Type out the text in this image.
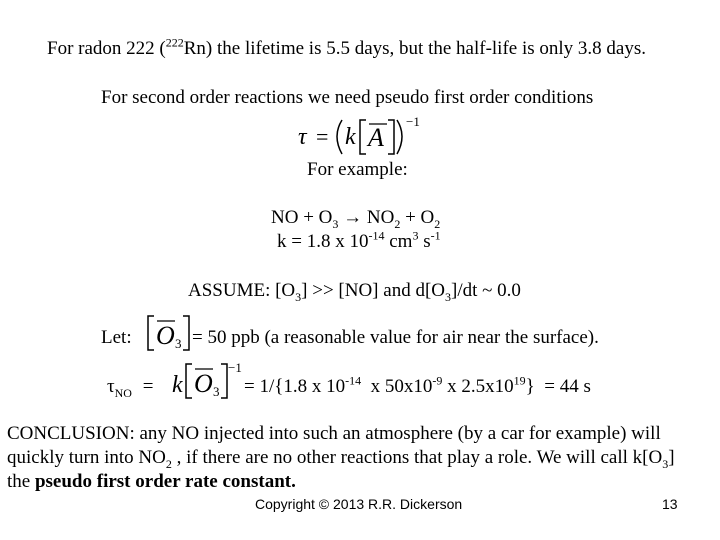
For radon 222 ($^{222}$Rn) the lifetime is 5.5 days, but the half-life is only 3.8 days.
For second order reactions we need pseudo first order conditions
τ = k A
−1
For example:
NO + $O_3 \to NO_2 + O_2$
k = 1.8 x $10^{-14}$ $cm^3$ $s^{-1}$
ASSUME: $[O_3] >> [NO]$ and $d[O_3]/dt$ ~ 0.0
Let: O 3 = 50 ppb (a reasonable value for air near the surface).
$\tau_{NO} = k$ O 3
−1
= 1/{1.8 x $10^{-14}$  x $50x10^{-9}$ x $2.5x10^{19}\} = 44$ s
CONCLUSION: any NO injected into such an atmosphere (by a car for example) will
quickly turn into $NO_2$ , if there are no other reactions that play a role. We will call $k[O_3]$
the pseudo first order rate constant.
Copyright © 2013 R.R. Dickerson	13
